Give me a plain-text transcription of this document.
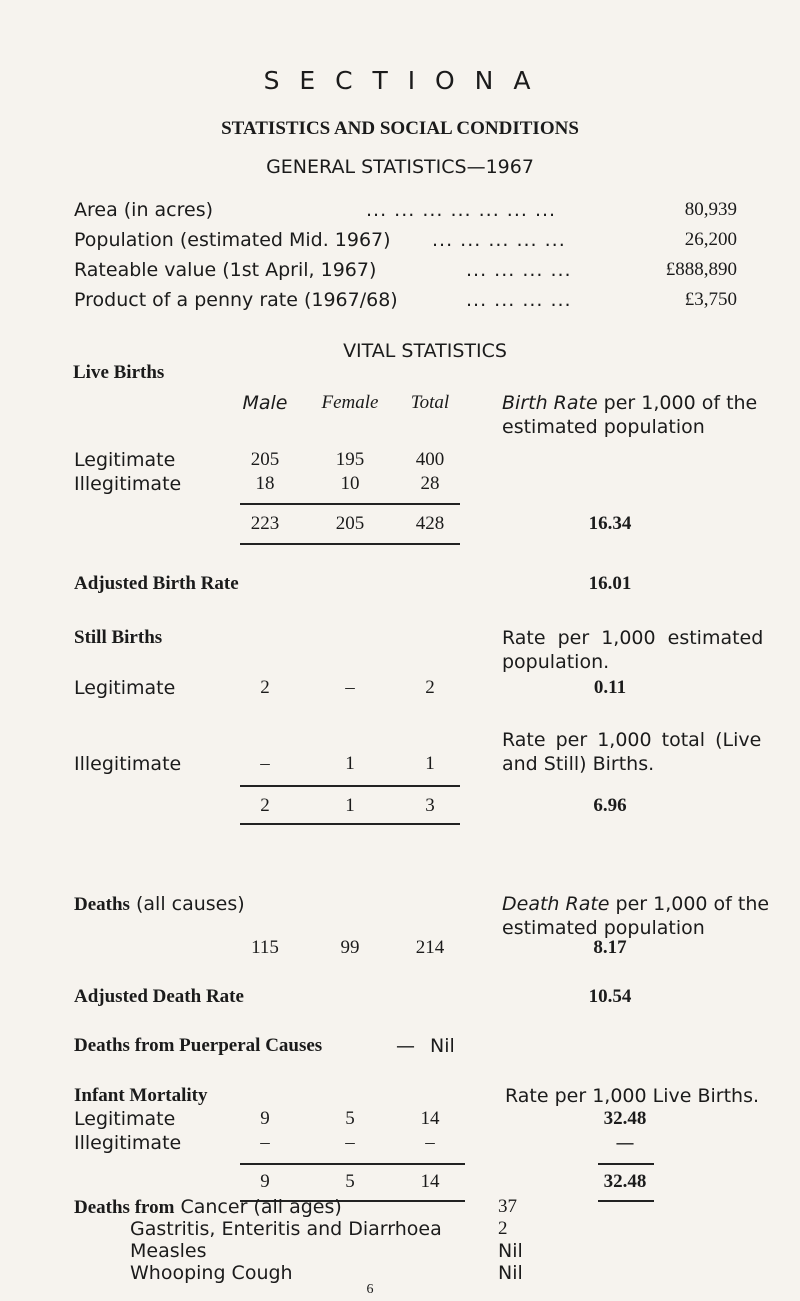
S E C T I O N A
STATISTICS AND SOCIAL CONDITIONS
GENERAL STATISTICS—1967
Area (in acres)	... ... ... ... ... ... ...	80,939
Population (estimated Mid. 1967) ... ... ... ... ...	26,200
Rateable value (1st April, 1967)	... ... ... ...	£888,890
Product of a penny rate (1967/68)	... ... ... ...	£3,750
VITAL STATISTICS
Live Births
Male	Female	Total	Birth Rate per 1,000 of the
estimated population
Legitimate	205	195	400
Illegitimate	18	10	28
223	205	428	16.34
Adjusted Birth Rate	16.01
Still Births	Rate per 1,000 estimated
population.
Legitimate	2	–	2	0.11
Rate per 1,000 total (Live
Illegitimate	–	1	1	and Still) Births.
2	1	3	6.96
Deaths (all causes)	Death Rate per 1,000 of the
estimated population
115	99	214	8.17
Adjusted Death Rate	10.54
Deaths from Puerperal Causes	— Nil
Infant Mortality	Rate per 1,000 Live Births.
Legitimate	9	5	14	32.48
Illegitimate	–	–	–	—
9	5	14	32.48
Deaths from Cancer (all ages)	37
Gastritis, Enteritis and Diarrhoea	2
Measles	Nil
Whooping Cough	Nil
6
